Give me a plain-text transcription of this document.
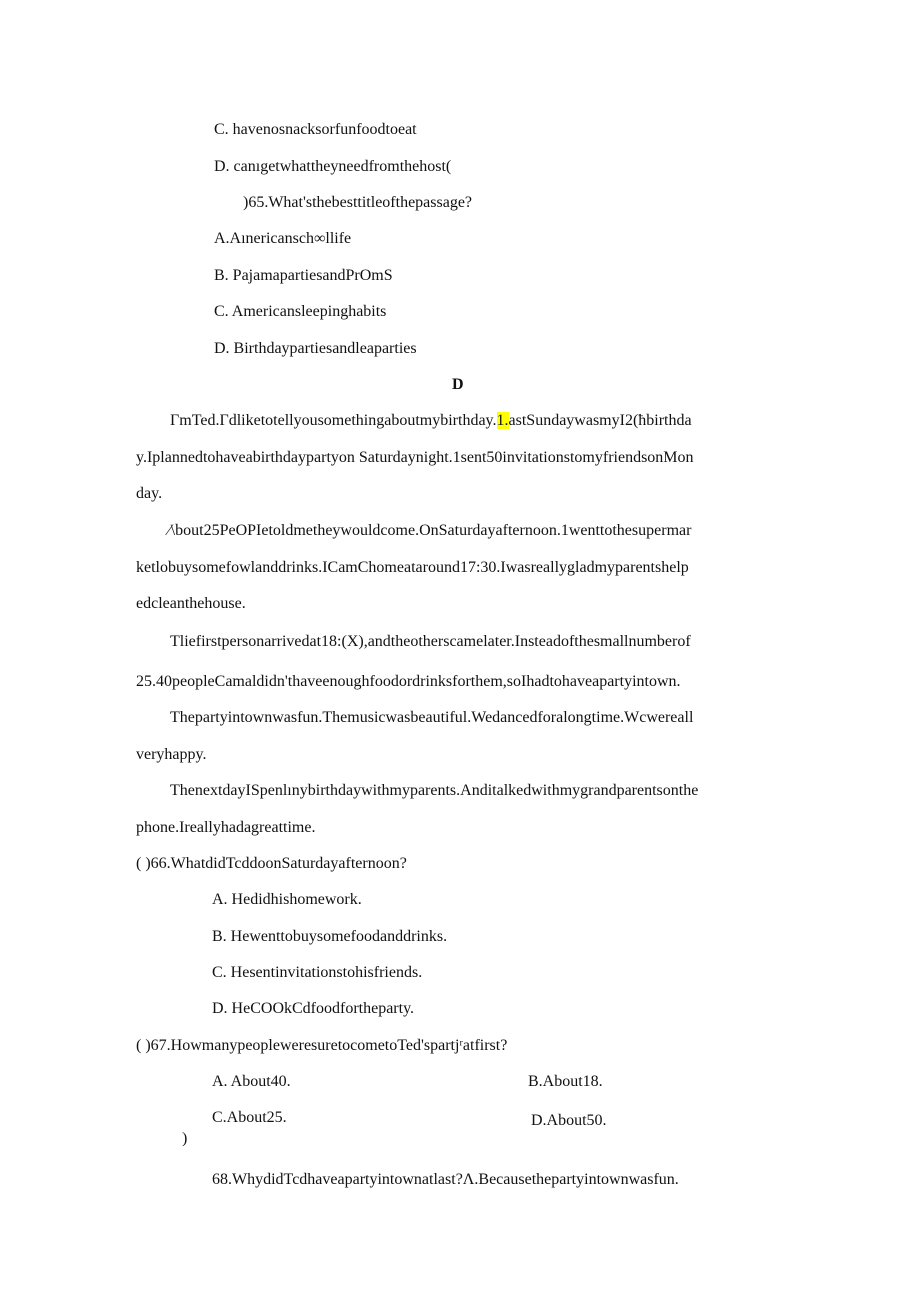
C. havenosnacksorfunfoodtoeat
D. canıgetwhattheyneedfromthehost(
)65.What'sthebesttitleofthepassage?
A.Aınericansch∞llife
B. PajamapartiesandPrOmS
C. Americansleepinghabits
D. Birthdaypartiesandleaparties
D
ΓmTed.Γdliketotellyousomethingaboutmybirthday.1.astSundaywasmyI2(ħbirthda
y.Iplannedtohaveabirthdaypartyon Saturdaynight.1sent50invitationstomyfriendsonMon
day.
∕\bout25PeOPIetoldmetheywouldcome.OnSaturdayafternoon.1wenttothesupermar
ketlobuysomefowlanddrinks.ICamChomeataround17:30.Iwasreallygladmyparentshelp
edcleanthehouse.
Tliefirstpersonarrivedat18:(X),andtheotherscamelater.Insteadofthesmallnumberof
25.40peopleCamaldidn'thaveenoughfoodordrinksforthem,soIhadtohaveapartyintown.
Thepartyintownwasfun.Themusicwasbeautiful.Wedancedforalongtime.Wcwereall
veryhappy.
ThenextdayISpenlınybirthdaywithmyparents.Anditalkedwithmygrandparentsonthe
phone.Ireallyhadagreattime.
( )66.WhatdidTcddoonSaturdayafternoon?
A. Hedidhishomework.
B. Hewenttobuysomefoodanddrinks.
C. Hesentinvitationstohisfriends.
D. HeCOOkCdfoodfortheparty.
( )67.HowmanypeopleweresuretocometoTed'spartjʳatfirst?
A. About40.	B.About18.
C.About25.	D.About50.
)
68.WhydidTcdhaveapartyintownatlast?Λ.Becausethepartyintownwasfun.
